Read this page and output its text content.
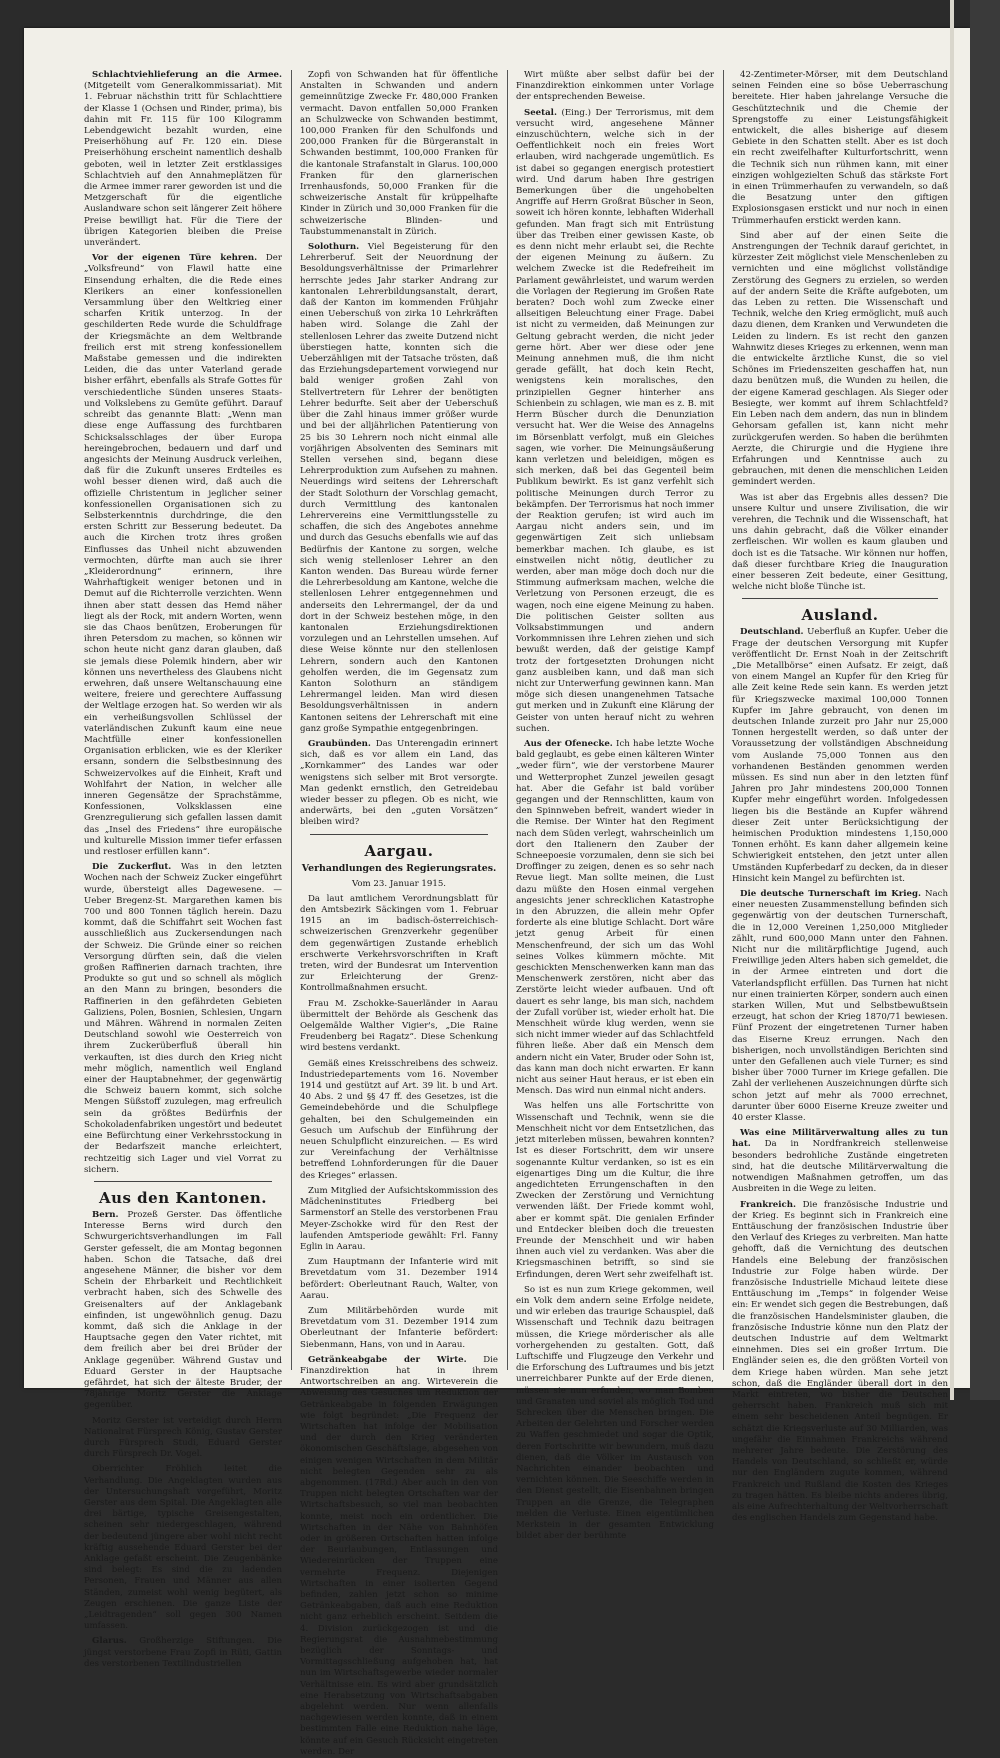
Schlachtviehlieferung an die Armee. (Mitgeteilt vom Generalkommissariat). Mit 1. Februar nächsthin tritt für Schlachttiere der Klasse 1 (Ochsen und Rinder, prima), bis dahin mit Fr. 115 für 100 Kilogramm Lebendgewicht bezahlt wurden, eine Preiserhöhung auf Fr. 120 ein. Diese Preiserhöhung erscheint namentlich deshalb geboten, weil in letzter Zeit erstklassiges Schlachtvieh auf den Annahmeplätzen für die Armee immer rarer geworden ist und die Metzgerschaft für die eigentliche Auslandware schon seit längerer Zeit höhere Preise bewilligt hat. Für die Tiere der übrigen Kategorien bleiben die Preise unverändert.

Vor der eigenen Türe kehren. Der „Volksfreund“ von Flawil hatte eine Einsendung erhalten, die die Rede eines Klerikers an einer konfessionellen Versammlung über den Weltkrieg einer scharfen Kritik unterzog. In der geschilderten Rede wurde die Schuldfrage der Kriegsmächte an dem Weltbrande freilich erst mit streng konfessionellem Maßstabe gemessen und die indirekten Leiden, die das unter Vaterland gerade bisher erfährt, ebenfalls als Strafe Gottes für verschiedentliche Sünden unseres Staats- und Volkslebens zu Gemüte geführt. Darauf schreibt das genannte Blatt: „Wenn man diese enge Auffassung des furchtbaren Schicksalsschlages der über Europa hereingebrochen, bedauern und darf und angesichts der Meinung Ausdruck verleihen, daß für die Zukunft unseres Erdteiles es wohl besser dienen wird, daß auch die offizielle Christentum in jeglicher seiner konfessionellen Organisationen sich zu Selbsterkenntnis durchdringe, die den ersten Schritt zur Besserung bedeutet. Da auch die Kirchen trotz ihres großen Einflusses das Unheil nicht abzuwenden vermochten, dürfte man auch sie ihrer „Kleiderordnung“ erinnern, ihre Wahrhaftigkeit weniger betonen und in Demut auf die Richterrolle verzichten. Wenn ihnen aber statt dessen das Hemd näher liegt als der Rock, mit andern Worten, wenn sie das Chaos benützen, Eroberungen für ihren Petersdom zu machen, so können wir schon heute nicht ganz daran glauben, daß sie jemals diese Polemik hindern, aber wir können uns nevertheless des Glaubens nicht erwehren, daß unsere Weltanschauung eine weitere, freiere und gerechtere Auffassung der Weltlage erzogen hat. So werden wir als ein verheißungsvollen Schlüssel der vaterländischen Zukunft kaum eine neue Machtfülle einer konfessionellen Organisation erblicken, wie es der Kleriker ersann, sondern die Selbstbesinnung des Schweizervolkes auf die Einheit, Kraft und Wohlfahrt der Nation, in welcher alle inneren Gegensätze der Sprachstämme, Konfessionen, Volksklassen eine Grenzregulierung sich gefallen lassen damit das „Insel des Friedens“ ihre europäische und kulturelle Mission immer tiefer erfassen und restloser erfüllen kann“.

Die Zuckerflut. Was in den letzten Wochen nach der Schweiz Zucker eingeführt wurde, übersteigt alles Dagewesene. — Ueber Bregenz-St. Margarethen kamen bis 700 und 800 Tonnen täglich herein. Dazu kommt, daß die Schiffahrt seit Wochen fast ausschließlich aus Zuckersendungen nach der Schweiz. Die Gründe einer so reichen Versorgung dürften sein, daß die vielen großen Raffinerien darnach trachten, ihre Produkte so gut und so schnell als möglich an den Mann zu bringen, besonders die Raffinerien in den gefährdeten Gebieten Galiziens, Polen, Bosnien, Schlesien, Ungarn und Mähren. Während in normalen Zeiten Deutschland sowohl wie Oesterreich von ihrem Zuckerüberfluß überall hin verkauften, ist dies durch den Krieg nicht mehr möglich, namentlich weil England einer der Hauptabnehmer, der gegenwärtig die Schweiz bauern kommt, sich solche Mengen Süßstoff zuzulegen, mag erfreulich sein da größtes Bedürfnis der Schokoladenfabriken ungestört und bedeutet eine Befürchtung einer Verkehrsstockung in der Bedarfszeit manche erleichtert, rechtzeitig sich Lager und viel Vorrat zu sichern.

Aus den Kantonen.

Bern. Prozeß Gerster. Das öffentliche Interesse Berns wird durch den Schwurgerichtsverhandlungen im Fall Gerster gefesselt, die am Montag begonnen haben. Schon die Tatsache, daß drei angesehene Männer, die bisher vor dem Schein der Ehrbarkeit und Rechtlichkeit verbracht haben, sich des Schwelle des Greisenalters auf der Anklagebank einfinden, ist ungewöhnlich genug. Dazu kommt, daß sich die Anklage in der Hauptsache gegen den Vater richtet, mit dem freilich aber bei drei Brüder der Anklage gegenüber. Während Gustav und Eduard Gerster in der Hauptsache gefährdet, hat sich der älteste Bruder, der 78jährige Moritz Gerster die Anklage gegenüber.

Moritz Gerster ist verteidigt durch Herrn Nationalrat Fürsprech König, Gustav Gerster durch Fürsprech Studi, Eduard Gerster durch Fürsprech Dr. Vogel.

Oberrichter Fröhlich leitet die Verhandlung. Die Angeklagten wurden aus der Untersuchungshaft vorgeführt, Moritz Gerster aus dem Spital. Die Angeklagten alle drei bärtige, typische Greisengestalten, scheinen sehr niedergeschlagen, während der bedeutend jüngere aber wohl nicht recht kräftig aussehende Eduard Gerster bei der Anklage gefaßt erscheint. Die Zeugenbänke sind belegt: Es sind die zu ladenden Personen, Frauen und Männer aus allen Ständen, zumeist wohl wenig begütert, als Zeugen erschienen. Die ganze Liste der „Leidtragenden“ soll gegen 300 Namen umfassen.

Glarus. Großherzige Stiftungen. Die jüngst verstorbene Frau Zopfi in Rüti, Gattin des verstorbenen Textilindustriellen

Zopfi von Schwanden hat für öffentliche Anstalten in Schwanden und andern gemeinnützige Zwecke Fr. 480,000 Franken vermacht. Davon entfallen 50,000 Franken an Schulzwecke von Schwanden bestimmt, 100,000 Franken für den Schulfonds und 200,000 Franken für die Bürgeranstalt in Schwanden bestimmt, 100,000 Franken für die kantonale Strafanstalt in Glarus. 100,000 Franken für den glarnerischen Irrenhausfonds, 50,000 Franken für die schweizerische Anstalt für krüppelhafte Kinder in Zürich und 30,000 Franken für die schweizerische Blinden- und Taubstummenanstalt in Zürich.

Solothurn. Viel Begeisterung für den Lehrerberuf. Seit der Neuordnung der Besoldungsverhältnisse der Primarlehrer herrschte jedes Jahr starker Andrang zur kantonalen Lehrerbildungsanstalt, derart, daß der Kanton im kommenden Frühjahr einen Ueberschuß von zirka 10 Lehrkräften haben wird. Solange die Zahl der stellenlosen Lehrer das zweite Dutzend nicht überstiegen hatte, konnten sich die Ueberzähligen mit der Tatsache trösten, daß das Erziehungsdepartement vorwiegend nur bald weniger großen Zahl von Stellvertretern für Lehrer der benötigten Lehrer bedurfte. Seit aber der Ueberschuß über die Zahl hinaus immer größer wurde und bei der alljährlichen Patentierung von 25 bis 30 Lehrern noch nicht einmal alle vorjährigen Absolventen des Seminars mit Stellen versehen sind, begann diese Lehrerproduktion zum Aufsehen zu mahnen. Neuerdings wird seitens der Lehrerschaft der Stadt Solothurn der Vorschlag gemacht, durch Vermittlung des kantonalen Lehrervereins eine Vermittlungsstelle zu schaffen, die sich des Angebotes annehme und durch das Gesuchs ebenfalls wie auf das Bedürfnis der Kantone zu sorgen, welche sich wenig stellenloser Lehrer an den Kanton wenden. Das Bureau würde ferner die Lehrerbesoldung am Kantone, welche die stellenlosen Lehrer entgegennehmen und anderseits den Lehrermangel, der da und dort in der Schweiz bestehen möge, in den kantonalen Erziehungsdirektionen vorzulegen und an Lehrstellen umsehen. Auf diese Weise könnte nur den stellenlosen Lehrern, sondern auch den Kantonen geholfen werden, die im Gegensatz zum Kanton Solothurn an ständigem Lehrermangel leiden. Man wird diesen Besoldungsverhältnissen in andern Kantonen seitens der Lehrerschaft mit eine ganz große Sympathie entgegenbringen.

Graubünden. Das Unterengadin erinnert sich, daß es vor allem ein Land, das „Kornkammer“ des Landes war oder wenigstens sich selber mit Brot versorgte. Man gedenkt ernstlich, den Getreidebau wieder besser zu pflegen. Ob es nicht, wie anderwärts, bei den „guten Vorsätzen“ bleiben wird?

Aargau.
Verhandlungen des Regierungsrates.

Vom 23. Januar 1915.

Da laut amtlichem Verordnungsblatt für den Amtsbezirk Säckingen vom 1. Februar 1915 an im badisch-österreichisch-schweizerischen Grenzverkehr gegenüber dem gegenwärtigen Zustande erheblich erschwerte Verkehrsvorschriften in Kraft treten, wird der Bundesrat um Intervention zur Erleichterung der Grenz-Kontrollmaßnahmen ersucht.

Frau M. Zschokke-Sauerländer in Aarau übermittelt der Behörde als Geschenk das Oelgemälde Walther Vigier's, „Die Raine Freudenberg bei Ragatz“. Diese Schenkung wird bestens verdankt.

Gemäß eines Kreisschreibens des schweiz. Industriedepartements vom 16. November 1914 und gestützt auf Art. 39 lit. b und Art. 40 Abs. 2 und §§ 47 ff. des Gesetzes, ist die Gemeindebehörde und die Schulpflege gehalten, bei den Schulgemeinden ein Gesuch um Aufschub der Einführung der neuen Schulpflicht einzureichen. — Es wird zur Vereinfachung der Verhältnisse betreffend Lohnforderungen für die Dauer des Krieges“ erlassen.

Zum Mitglied der Aufsichtskommission des Mädcheninstitutes Friedberg bei Sarmenstorf an Stelle des verstorbenen Frau Meyer-Zschokke wird für den Rest der laufenden Amtsperiode gewählt: Frl. Fanny Eglin in Aarau.

Zum Hauptmann der Infanterie wird mit Brevetdatum vom 31. Dezember 1914 befördert: Oberleutnant Rauch, Walter, von Aarau.

Zum Militärbehörden wurde mit Brevetdatum vom 31. Dezember 1914 zum Oberleutnant der Infanterie befördert: Siebenmann, Hans, von und in Aarau.

Getränkeabgabe der Wirte. Die Finanzdirektion hat in ihrem Antwortschreiben an ang. Wirteverein die Abweisung des Gesuches um Reduktion der Getränkeabgabe in folgenden Erwägungen wie folgt begründet: „Die Frequenz der Wirtschaften hat infolge der Mobilisation und der durch den Krieg veränderten ökonomischen Geschäftslage, abgesehen von einigen wenigen Wirtschaften in dem Militär nicht belegten Gegenden sehr zu als abgenommen. (17Rd.) Aber auch in den von Truppen nicht belegten Ortschaften war der Wirtschaftsbesuch, so viel man beobachten konnte, meist noch ein ordentlicher. Die Wirtschaften in der Nähe von Bahnhöfen oder in größeren Ortschaften hatten infolge der Beurlaubungen, Entlassungen und Wiedereinrücken der Truppen eine vermehrte Frequenz. Diejenigen Wirtschaften in einer isolierten Gegend befinden, zahlen jetzt schon so minime Getränkeabgaben, daß auch eine Reduktion nicht ganz erheblich erscheint. Seitdem die 4. Division zurückgezogen ist und die Regierungsrat die Ausnahmebestimmung bezüglich der Sonntags- und Vormittagsschließung aufgehoben hat, hat nun im Wirtschaftsgewerbe wieder normaler Verhältnisse ein. Es wird aber grundsätzlich eine Herabsetzung von Wirtschaftsabgaben abgelehnt werden. Nur wenn allenfalls nachgewiesen werden konnte, daß in einem bestimmten Falle eine Reduktion nahe läge, könnte auf ein Gesuch Rücksicht eingetreten werden. Der

Wirt müßte aber selbst dafür bei der Finanzdirektion einkommen unter Vorlage der entsprechenden Beweise.

Seetal. (Eing.) Der Terrorismus, mit dem versucht wird, angesehene Männer einzuschüchtern, welche sich in der Oeffentlichkeit noch ein freies Wort erlauben, wird nachgerade ungemütlich. Es ist dabei so gegangen energisch protestiert wird. Und darum haben Ihre gestrigen Bemerkungen über die ungehobelten Angriffe auf Herrn Großrat Büscher in Seon, soweit ich hören konnte, lebhaften Widerhall gefunden. Man fragt sich mit Entrüstung über das Treiben einer gewissen Kaste, ob es denn nicht mehr erlaubt sei, die Rechte der eigenen Meinung zu äußern. Zu welchem Zwecke ist die Redefreiheit im Parlament gewährleistet, und warum werden die Vorlagen der Regierung im Großen Rate beraten? Doch wohl zum Zwecke einer allseitigen Beleuchtung einer Frage. Dabei ist nicht zu vermeiden, daß Meinungen zur Geltung gebracht werden, die nicht jeder gerne hört. Aber wer diese oder jene Meinung annehmen muß, die ihm nicht gerade gefällt, hat doch kein Recht, wenigstens kein moralisches, den prinzipiellen Gegner hinterher ans Schienbein zu schlagen, wie man es z. B. mit Herrn Büscher durch die Denunziation versucht hat. Wer die Weise des Annagelns im Börsenblatt verfolgt, muß ein Gleiches sagen, wie vorher. Die Meinungsäußerung kann verletzen und beleidigen, mögen es sich merken, daß bei das Gegenteil beim Publikum bewirkt. Es ist ganz verfehlt sich politische Meinungen durch Terror zu bekämpfen. Der Terrorismus hat noch immer der Reaktion gerufen; ist wird auch im Aargau nicht anders sein, und im gegenwärtigen Zeit sich unliebsam bemerkbar machen. Ich glaube, es ist einstweilen nicht nötig, deutlicher zu werden, aber man möge doch doch nur die Stimmung aufmerksam machen, welche die Verletzung von Personen erzeugt, die es wagen, noch eine eigene Meinung zu haben. Die politischen Geister sollten aus Volksabstimmungen und andern Vorkommnissen ihre Lehren ziehen und sich bewußt werden, daß der geistige Kampf trotz der fortgesetzten Drohungen nicht ganz ausbleiben kann, und daß man sich nicht zur Unterwerfung gewinnen kann. Man möge sich diesen unangenehmen Tatsache gut merken und in Zukunft eine Klärung der Geister von unten herauf nicht zu wehren suchen.

Aus der Ofenecke. Ich habe letzte Woche bald geglaubt, es gebe einen kälteren Winter „weder fürn“, wie der verstorbene Maurer und Wetterprophet Zunzel jeweilen gesagt hat. Aber die Gefahr ist bald vorüber gegangen und der Rennschlitten, kaum von den Spinnweben befreit, wandert wieder in die Remise. Der Winter hat den Regiment nach dem Süden verlegt, wahrscheinlich um dort den Italienern den Zauber der Schneepoesie vorzumalen, denn sie sich bei Droffinger zu zeigen, denen es so sehr nach Revue liegt. Man sollte meinen, die Lust dazu müßte den Hosen einmal vergehen angesichts jener schrecklichen Katastrophe in den Abruzzen, die allein mehr Opfer forderte als eine blutige Schlacht. Dort wäre jetzt genug Arbeit für einen Menschenfreund, der sich um das Wohl seines Volkes kümmern möchte. Mit geschickten Menschenwerken kann man das Menschenwerk zerstören, nicht aber das Zerstörte leicht wieder aufbauen. Und oft dauert es sehr lange, bis man sich, nachdem der Zufall vorüber ist, wieder erholt hat. Die Menschheit würde klug werden, wenn sie sich nicht immer wieder auf das Schlachtfeld führen ließe. Aber daß ein Mensch dem andern nicht ein Vater, Bruder oder Sohn ist, das kann man doch nicht erwarten. Er kann nicht aus seiner Haut heraus, er ist eben ein Mensch. Das wird nun einmal nicht anders.

Was helfen uns alle Fortschritte von Wissenschaft und Technik, wenn sie die Menschheit nicht vor dem Entsetzlichen, das jetzt miterleben müssen, bewahren konnten? Ist es dieser Fortschritt, dem wir unsere sogenannte Kultur verdanken, so ist es ein eigenartiges Ding um die Kultur, die ihre angedichteten Errungenschaften in den Zwecken der Zerstörung und Vernichtung verwenden läßt. Der Friede kommt wohl, aber er kommt spät. Die genialen Erfinder und Entdecker bleiben doch die treuesten Freunde der Menschheit und wir haben ihnen auch viel zu verdanken. Was aber die Kriegsmaschinen betrifft, so sind sie Erfindungen, deren Wert sehr zweifelhaft ist.

So ist es nun zum Kriege gekommen, weil ein Volk dem andern seine Erfolge neidete, und wir erleben das traurige Schauspiel, daß Wissenschaft und Technik dazu beitragen müssen, die Kriege mörderischer als alle vorhergehenden zu gestalten. Gott, daß Luftschiffe und Flugzeuge den Verkehr und die Erforschung des Luftraumes und bis jetzt unerreichbarer Punkte auf der Erde dienen, müssen sie nun erfunden, wo man Bomben und Granaten und soviel als möglich Tod und Schrecken über die Menschen bringen. Die Arbeiten der Gelehrten und Forscher werden zu Waffen geschmiedet und sogar die Optik, deren Fortschritte wir bewundern, muß dazu dienen, daß die Völker im Austausch von Nachrichten einander beobachten und vernichten können. Die Seeschiffe werden in den Dienst gestellt, die Eisenbahnen bringen Truppen an die Grenze, die Telegraphen melden die Verluste. Einen eigentümlichen Merkstein in der gesamten Entwicklung bildet aber der berühmte

42-Zentimeter-Mörser, mit dem Deutschland seinen Feinden eine so böse Ueberraschung bereitete. Hier haben jahrelange Versuche die Geschütztechnik und die Chemie der Sprengstoffe zu einer Leistungsfähigkeit entwickelt, die alles bisherige auf diesem Gebiete in den Schatten stellt. Aber es ist doch ein recht zweifelhafter Kulturfortschritt, wenn die Technik sich nun rühmen kann, mit einer einzigen wohlgezielten Schuß das stärkste Fort in einen Trümmerhaufen zu verwandeln, so daß die Besatzung unter den giftigen Explosionsgasen erstickt und nur noch in einen Trümmerhaufen erstickt werden kann.

Sind aber auf der einen Seite die Anstrengungen der Technik darauf gerichtet, in kürzester Zeit möglichst viele Menschenleben zu vernichten und eine möglichst vollständige Zerstörung des Gegners zu erzielen, so werden auf der andern Seite die Kräfte aufgeboten, um das Leben zu retten. Die Wissenschaft und Technik, welche den Krieg ermöglicht, muß auch dazu dienen, dem Kranken und Verwundeten die Leiden zu lindern. Es ist recht den ganzen Wahnwitz dieses Krieges zu erkennen, wenn man die entwickelte ärztliche Kunst, die so viel Schönes im Friedenszeiten geschaffen hat, nun dazu benützen muß, die Wunden zu heilen, die der eigene Kamerad geschlagen. Als Sieger oder Besiegte, wer kommt auf ihrem Schlachtfeld? Ein Leben nach dem andern, das nun in blindem Gehorsam gefallen ist, kann nicht mehr zurückgerufen werden. So haben die berühmten Aerzte, die Chirurgie und die Hygiene ihre Erfahrungen und Kenntnisse auch zu gebrauchen, mit denen die menschlichen Leiden gemindert werden.

Was ist aber das Ergebnis alles dessen? Die unsere Kultur und unsere Zivilisation, die wir verehren, die Technik und die Wissenschaft, hat uns dahin gebracht, daß die Völker einander zerfleischen. Wir wollen es kaum glauben und doch ist es die Tatsache. Wir können nur hoffen, daß dieser furchtbare Krieg die Inauguration einer besseren Zeit bedeute, einer Gesittung, welche nicht bloße Tünche ist.

Ausland.

Deutschland. Ueberfluß an Kupfer. Ueber die Frage der deutschen Versorgung mit Kupfer veröffentlicht Dr. Ernst Noah in der Zeitschrift „Die Metallbörse“ einen Aufsatz. Er zeigt, daß von einem Mangel an Kupfer für den Krieg für alle Zeit keine Rede sein kann. Es werden jetzt für Kriegszwecke maximal 100,000 Tonnen Kupfer im Jahre gebraucht, von denen im deutschen Inlande zurzeit pro Jahr nur 25,000 Tonnen hergestellt werden, so daß unter der Voraussetzung der vollständigen Abschneidung vom Auslande 75,000 Tonnen aus den vorhandenen Beständen genommen werden müssen. Es sind nun aber in den letzten fünf Jahren pro Jahr mindestens 200,000 Tonnen Kupfer mehr eingeführt worden. Infolgedessen liegen bis die Bestände an Kupfer während dieser Zeit unter Berücksichtigung der heimischen Produktion mindestens 1,150,000 Tonnen erhöht. Es kann daher allgemein keine Schwierigkeit entstehen, den jetzt unter allen Umständen Kupferbedarf zu decken, da in dieser Hinsicht kein Mangel zu befürchten ist.

Die deutsche Turnerschaft im Krieg. Nach einer neuesten Zusammenstellung befinden sich gegenwärtig von der deutschen Turnerschaft, die in 12,000 Vereinen 1,250,000 Mitglieder zählt, rund 600,000 Mann unter den Fahnen. Nicht nur die militärpflichtige Jugend, auch Freiwillige jeden Alters haben sich gemeldet, die in der Armee eintreten und dort die Vaterlandspflicht erfüllen. Das Turnen hat nicht nur einen trainierten Körper, sondern auch einen starken Willen, Mut und Selbstbewußtsein erzeugt, hat schon der Krieg 1870/71 bewiesen. Fünf Prozent der eingetretenen Turner haben das Eiserne Kreuz errungen. Nach den bisherigen, noch unvollständigen Berichten sind unter den Gefallenen auch viele Turner; es sind bisher über 7000 Turner im Kriege gefallen. Die Zahl der verliehenen Auszeichnungen dürfte sich schon jetzt auf mehr als 7000 errechnet, darunter über 6000 Eiserne Kreuze zweiter und 40 erster Klasse.

Was eine Militärverwaltung alles zu tun hat. Da in Nordfrankreich stellenweise besonders bedrohliche Zustände eingetreten sind, hat die deutsche Militärverwaltung die notwendigen Maßnahmen getroffen, um das Ausbreiten in die Wege zu leiten.

Frankreich. Die französische Industrie und der Krieg. Es beginnt sich in Frankreich eine Enttäuschung der französischen Industrie über den Verlauf des Krieges zu verbreiten. Man hatte gehofft, daß die Vernichtung des deutschen Handels eine Belebung der französischen Industrie zur Folge haben würde. Der französische Industrielle Michaud leitete diese Enttäuschung im „Temps“ in folgender Weise ein: Er wendet sich gegen die Bestrebungen, daß die französischen Handelsminister glauben, die französische Industrie könne nun den Platz der deutschen Industrie auf dem Weltmarkt einnehmen. Dies sei ein großer Irrtum. Die Engländer seien es, die den größten Vorteil von dem Kriege haben würden. Man sehe jetzt schon, daß die Engländer überall dort in den Markt eintreten, wo bisher die Deutschen geherrscht haben. Frankreich muß sich mit einem sehr bescheidenen Anteil begnügen. Er schätzt die Kriegsverluste auf 30 Milliarden, was ungefähr die Einnahmen Frankreichs während mehrerer Jahre bedeute. Die Zerstörung des Handels von Deutschland, so schließt er, würde nur den Engländern zugute kommen, während Frankreich und Rußland die Kosten des Krieges zu tragen hätten. Es bleibe nichts anderes übrig, als eine Aufrechterhaltung der Weltvorherrschaft des englischen Handels zum Gegenstand habe.
